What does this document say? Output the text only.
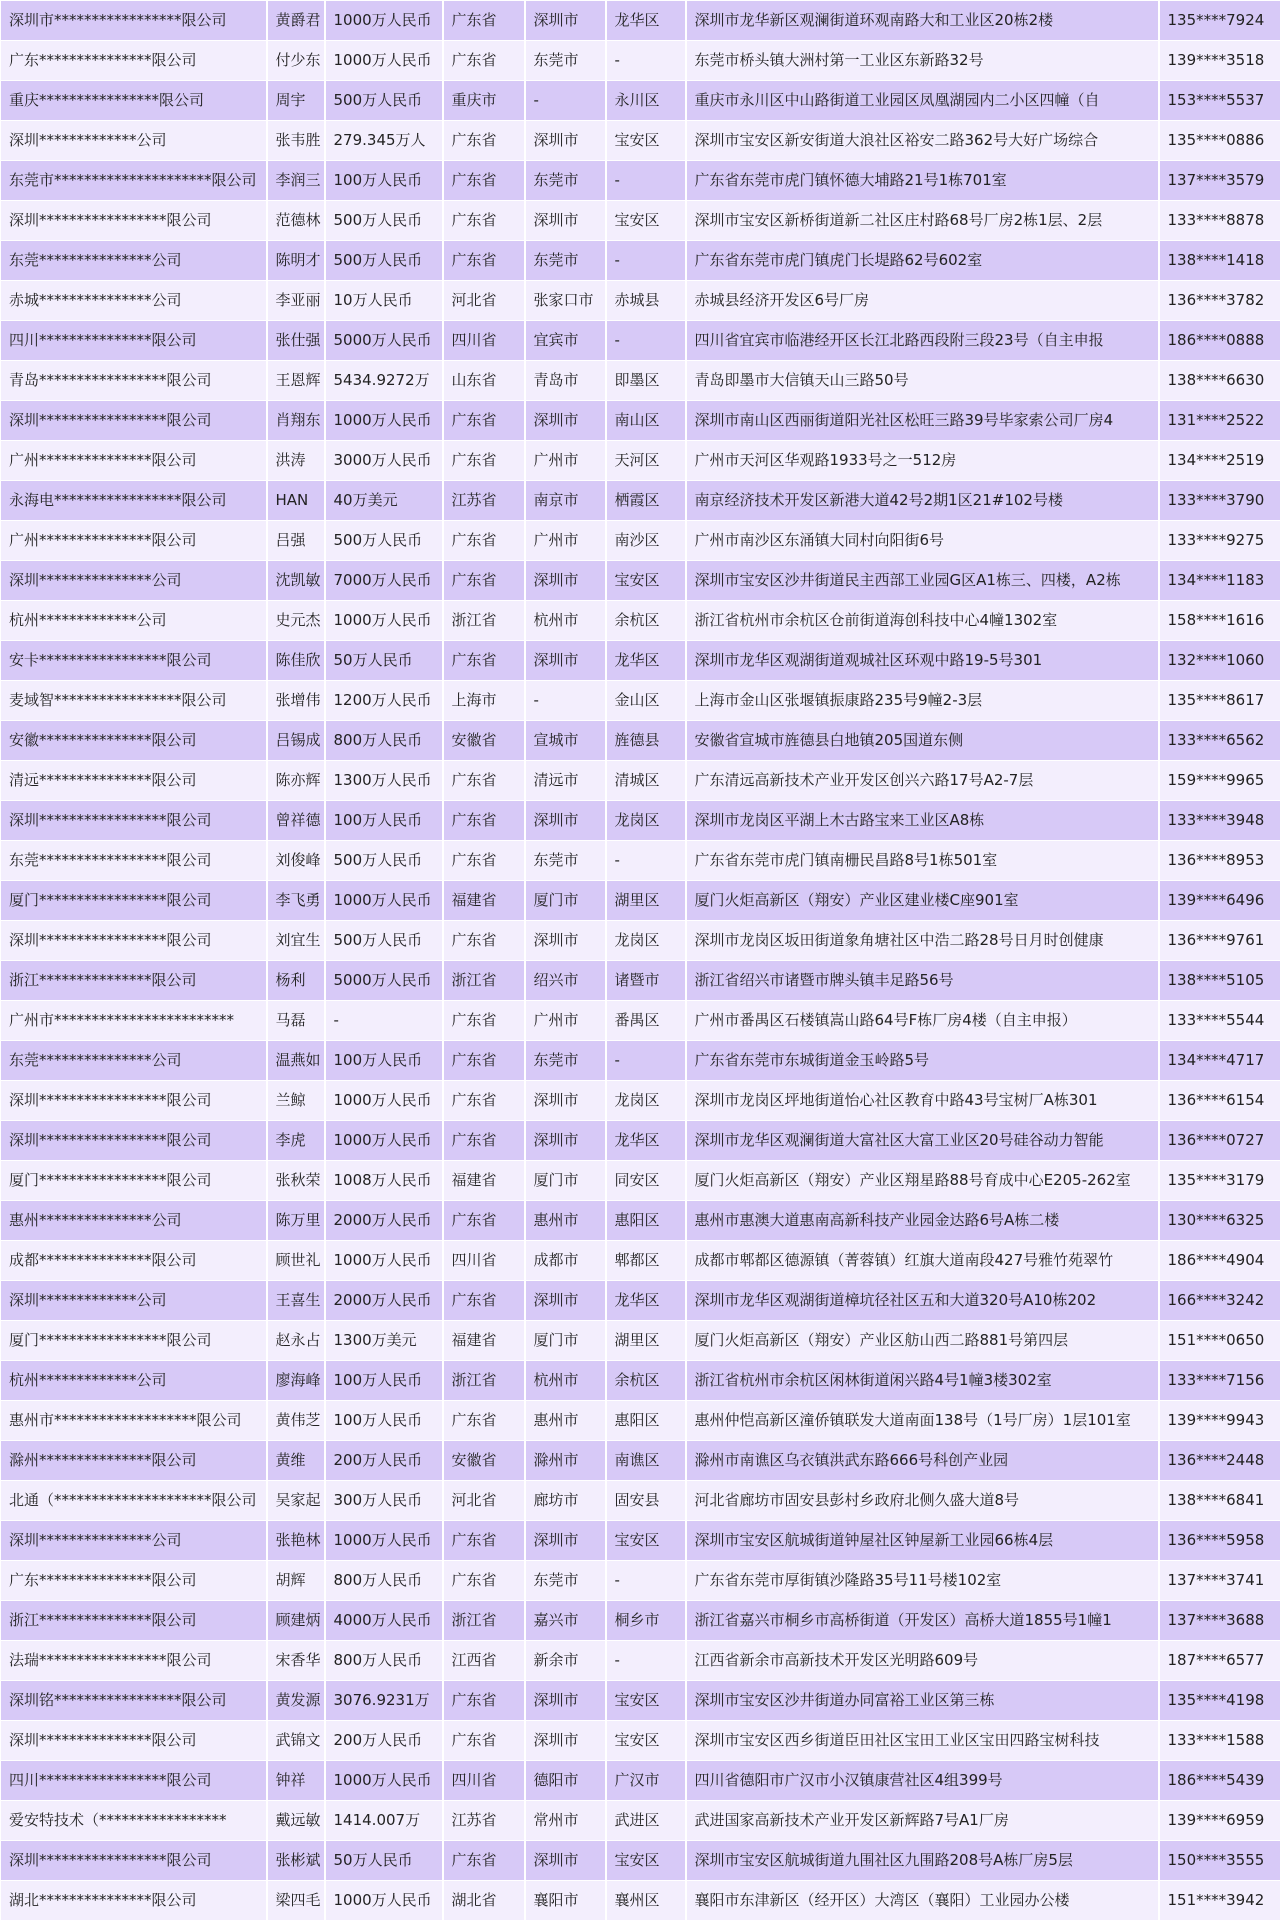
深圳市*****************限公司	黄爵君	1000万人民币	广东省	深圳市	龙华区	深圳市龙华新区观澜街道环观南路大和工业区20栋2楼	135****7924
广东***************限公司	付少东	1000万人民币	广东省	东莞市	-	东莞市桥头镇大洲村第一工业区东新路32号	139****3518
重庆****************限公司	周宇	500万人民币	重庆市	-	永川区	重庆市永川区中山路街道工业园区凤凰湖园内二小区四幢（自	153****5537
深圳*************公司	张韦胜	279.345万人	广东省	深圳市	宝安区	深圳市宝安区新安街道大浪社区裕安二路362号大好广场综合	135****0886
东莞市*********************限公司	李润三	100万人民币	广东省	东莞市	-	广东省东莞市虎门镇怀德大埔路21号1栋701室	137****3579
深圳*****************限公司	范德林	500万人民币	广东省	深圳市	宝安区	深圳市宝安区新桥街道新二社区庄村路68号厂房2栋1层、2层	133****8878
东莞***************公司	陈明才	500万人民币	广东省	东莞市	-	广东省东莞市虎门镇虎门长堤路62号602室	138****1418
赤城***************公司	李亚丽	10万人民币	河北省	张家口市	赤城县	赤城县经济开发区6号厂房	136****3782
四川***************限公司	张仕强	5000万人民币	四川省	宜宾市	-	四川省宜宾市临港经开区长江北路西段附三段23号（自主申报	186****0888
青岛*****************限公司	王恩辉	5434.9272万	山东省	青岛市	即墨区	青岛即墨市大信镇天山三路50号	138****6630
深圳*****************限公司	肖翔东	1000万人民币	广东省	深圳市	南山区	深圳市南山区西丽街道阳光社区松旺三路39号毕家索公司厂房4	131****2522
广州***************限公司	洪涛	3000万人民币	广东省	广州市	天河区	广州市天河区华观路1933号之一512房	134****2519
永海电*****************限公司	HAN	40万美元	江苏省	南京市	栖霞区	南京经济技术开发区新港大道42号2期1区21#102号楼	133****3790
广州***************限公司	吕强	500万人民币	广东省	广州市	南沙区	广州市南沙区东涌镇大同村向阳街6号	133****9275
深圳***************公司	沈凯敏	7000万人民币	广东省	深圳市	宝安区	深圳市宝安区沙井街道民主西部工业园G区A1栋三、四楼，A2栋	134****1183
杭州*************公司	史元杰	1000万人民币	浙江省	杭州市	余杭区	浙江省杭州市余杭区仓前街道海创科技中心4幢1302室	158****1616
安卡*****************限公司	陈佳欣	50万人民币	广东省	深圳市	龙华区	深圳市龙华区观湖街道观城社区环观中路19-5号301	132****1060
麦域智*****************限公司	张增伟	1200万人民币	上海市	-	金山区	上海市金山区张堰镇振康路235号9幢2-3层	135****8617
安徽***************限公司	吕锡成	800万人民币	安徽省	宣城市	旌德县	安徽省宣城市旌德县白地镇205国道东侧	133****6562
清远***************限公司	陈亦辉	1300万人民币	广东省	清远市	清城区	广东清远高新技术产业开发区创兴六路17号A2-7层	159****9965
深圳*****************限公司	曾祥德	100万人民币	广东省	深圳市	龙岗区	深圳市龙岗区平湖上木古路宝来工业区A8栋	133****3948
东莞*****************限公司	刘俊峰	500万人民币	广东省	东莞市	-	广东省东莞市虎门镇南栅民昌路8号1栋501室	136****8953
厦门*****************限公司	李飞勇	1000万人民币	福建省	厦门市	湖里区	厦门火炬高新区（翔安）产业区建业楼C座901室	139****6496
深圳*****************限公司	刘宜生	500万人民币	广东省	深圳市	龙岗区	深圳市龙岗区坂田街道象角塘社区中浩二路28号日月时创健康	136****9761
浙江***************限公司	杨利	5000万人民币	浙江省	绍兴市	诸暨市	浙江省绍兴市诸暨市牌头镇丰足路56号	138****5105
广州市************************	马磊	-	广东省	广州市	番禺区	广州市番禺区石楼镇嵩山路64号F栋厂房4楼（自主申报）	133****5544
东莞***************公司	温燕如	100万人民币	广东省	东莞市	-	广东省东莞市东城街道金玉岭路5号	134****4717
深圳*****************限公司	兰鲸	1000万人民币	广东省	深圳市	龙岗区	深圳市龙岗区坪地街道怡心社区教育中路43号宝树厂A栋301	136****6154
深圳*****************限公司	李虎	1000万人民币	广东省	深圳市	龙华区	深圳市龙华区观澜街道大富社区大富工业区20号硅谷动力智能	136****0727
厦门*****************限公司	张秋荣	1008万人民币	福建省	厦门市	同安区	厦门火炬高新区（翔安）产业区翔星路88号育成中心E205-262室	135****3179
惠州***************公司	陈万里	2000万人民币	广东省	惠州市	惠阳区	惠州市惠澳大道惠南高新科技产业园金达路6号A栋二楼	130****6325
成都***************限公司	顾世礼	1000万人民币	四川省	成都市	郫都区	成都市郫都区德源镇（菁蓉镇）红旗大道南段427号雅竹苑翠竹	186****4904
深圳*************公司	王喜生	2000万人民币	广东省	深圳市	龙华区	深圳市龙华区观湖街道樟坑径社区五和大道320号A10栋202	166****3242
厦门*****************限公司	赵永占	1300万美元	福建省	厦门市	湖里区	厦门火炬高新区（翔安）产业区舫山西二路881号第四层	151****0650
杭州*************公司	廖海峰	100万人民币	浙江省	杭州市	余杭区	浙江省杭州市余杭区闲林街道闲兴路4号1幢3楼302室	133****7156
惠州市*******************限公司	黄伟芝	100万人民币	广东省	惠州市	惠阳区	惠州仲恺高新区潼侨镇联发大道南面138号（1号厂房）1层101室	139****9943
滁州***************限公司	黄维	200万人民币	安徽省	滁州市	南谯区	滁州市南谯区乌衣镇洪武东路666号科创产业园	136****2448
北通（*********************限公司	吴家起	300万人民币	河北省	廊坊市	固安县	河北省廊坊市固安县彭村乡政府北侧久盛大道8号	138****6841
深圳***************公司	张艳林	1000万人民币	广东省	深圳市	宝安区	深圳市宝安区航城街道钟屋社区钟屋新工业园66栋4层	136****5958
广东***************限公司	胡辉	800万人民币	广东省	东莞市	-	广东省东莞市厚街镇沙隆路35号11号楼102室	137****3741
浙江***************限公司	顾建炳	4000万人民币	浙江省	嘉兴市	桐乡市	浙江省嘉兴市桐乡市高桥街道（开发区）高桥大道1855号1幢1	137****3688
法瑞*****************限公司	宋香华	800万人民币	江西省	新余市	-	江西省新余市高新技术开发区光明路609号	187****6577
深圳铭*****************限公司	黄发源	3076.9231万	广东省	深圳市	宝安区	深圳市宝安区沙井街道办同富裕工业区第三栋	135****4198
深圳***************限公司	武锦文	200万人民币	广东省	深圳市	宝安区	深圳市宝安区西乡街道臣田社区宝田工业区宝田四路宝树科技	133****1588
四川*****************限公司	钟祥	1000万人民币	四川省	德阳市	广汉市	四川省德阳市广汉市小汉镇康营社区4组399号	186****5439
爱安特技术（*****************	戴远敏	1414.007万	江苏省	常州市	武进区	武进国家高新技术产业开发区新辉路7号A1厂房	139****6959
深圳*****************限公司	张彬斌	50万人民币	广东省	深圳市	宝安区	深圳市宝安区航城街道九围社区九围路208号A栋厂房5层	150****3555
湖北***************限公司	梁四毛	1000万人民币	湖北省	襄阳市	襄州区	襄阳市东津新区（经开区）大湾区（襄阳）工业园办公楼	151****3942
